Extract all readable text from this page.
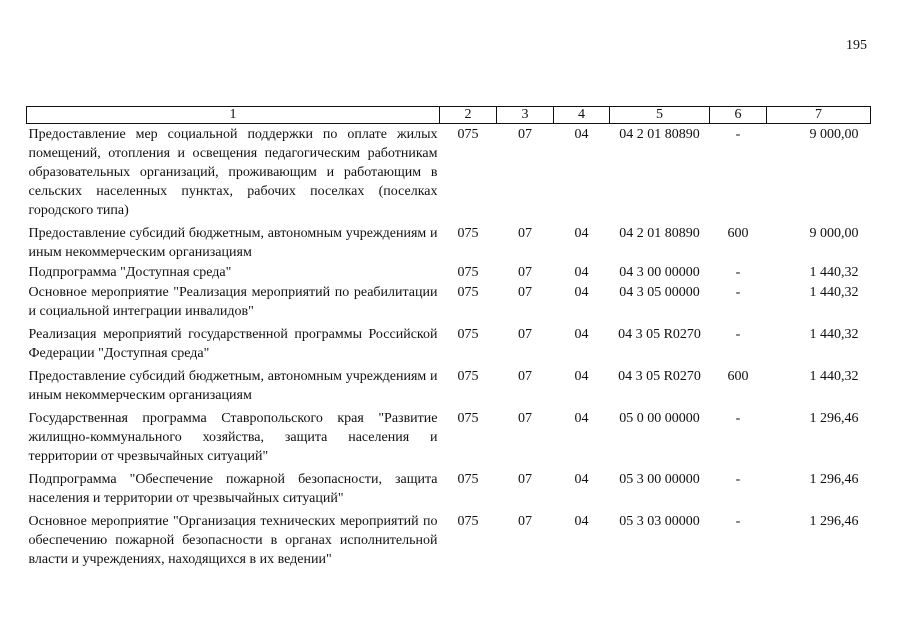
195
1	2	3	4	5	6	7
Предоставление мер социальной поддержки по оплате жилых помещений, отопления и освещения педагогическим работникам образовательных организаций, проживающим и работающим в сельских населенных пунктах, рабочих поселках (поселках городского типа)	075	07	04	04 2 01 80890	-	9 000,00
Предоставление субсидий бюджетным, автономным учреждениям и иным некоммерческим организациям	075	07	04	04 2 01 80890	600	9 000,00
Подпрограмма "Доступная среда"	075	07	04	04 3 00 00000	-	1 440,32
Основное мероприятие "Реализация мероприятий по реабилитации и социальной интеграции инвалидов"	075	07	04	04 3 05 00000	-	1 440,32
Реализация мероприятий государственной программы Российской Федерации "Доступная среда"	075	07	04	04 3 05 R0270	-	1 440,32
Предоставление субсидий бюджетным, автономным учреждениям и иным некоммерческим организациям	075	07	04	04 3 05 R0270	600	1 440,32
Государственная программа Ставропольского края "Развитие жилищно-коммунального хозяйства, защита населения и территории от чрезвычайных ситуаций"	075	07	04	05 0 00 00000	-	1 296,46
Подпрограмма "Обеспечение пожарной безопасности, защита населения и территории от чрезвычайных ситуаций"	075	07	04	05 3 00 00000	-	1 296,46
Основное мероприятие "Организация технических мероприятий по обеспечению пожарной безопасности в органах исполнительной власти и учреждениях, находящихся в их ведении"	075	07	04	05 3 03 00000	-	1 296,46
